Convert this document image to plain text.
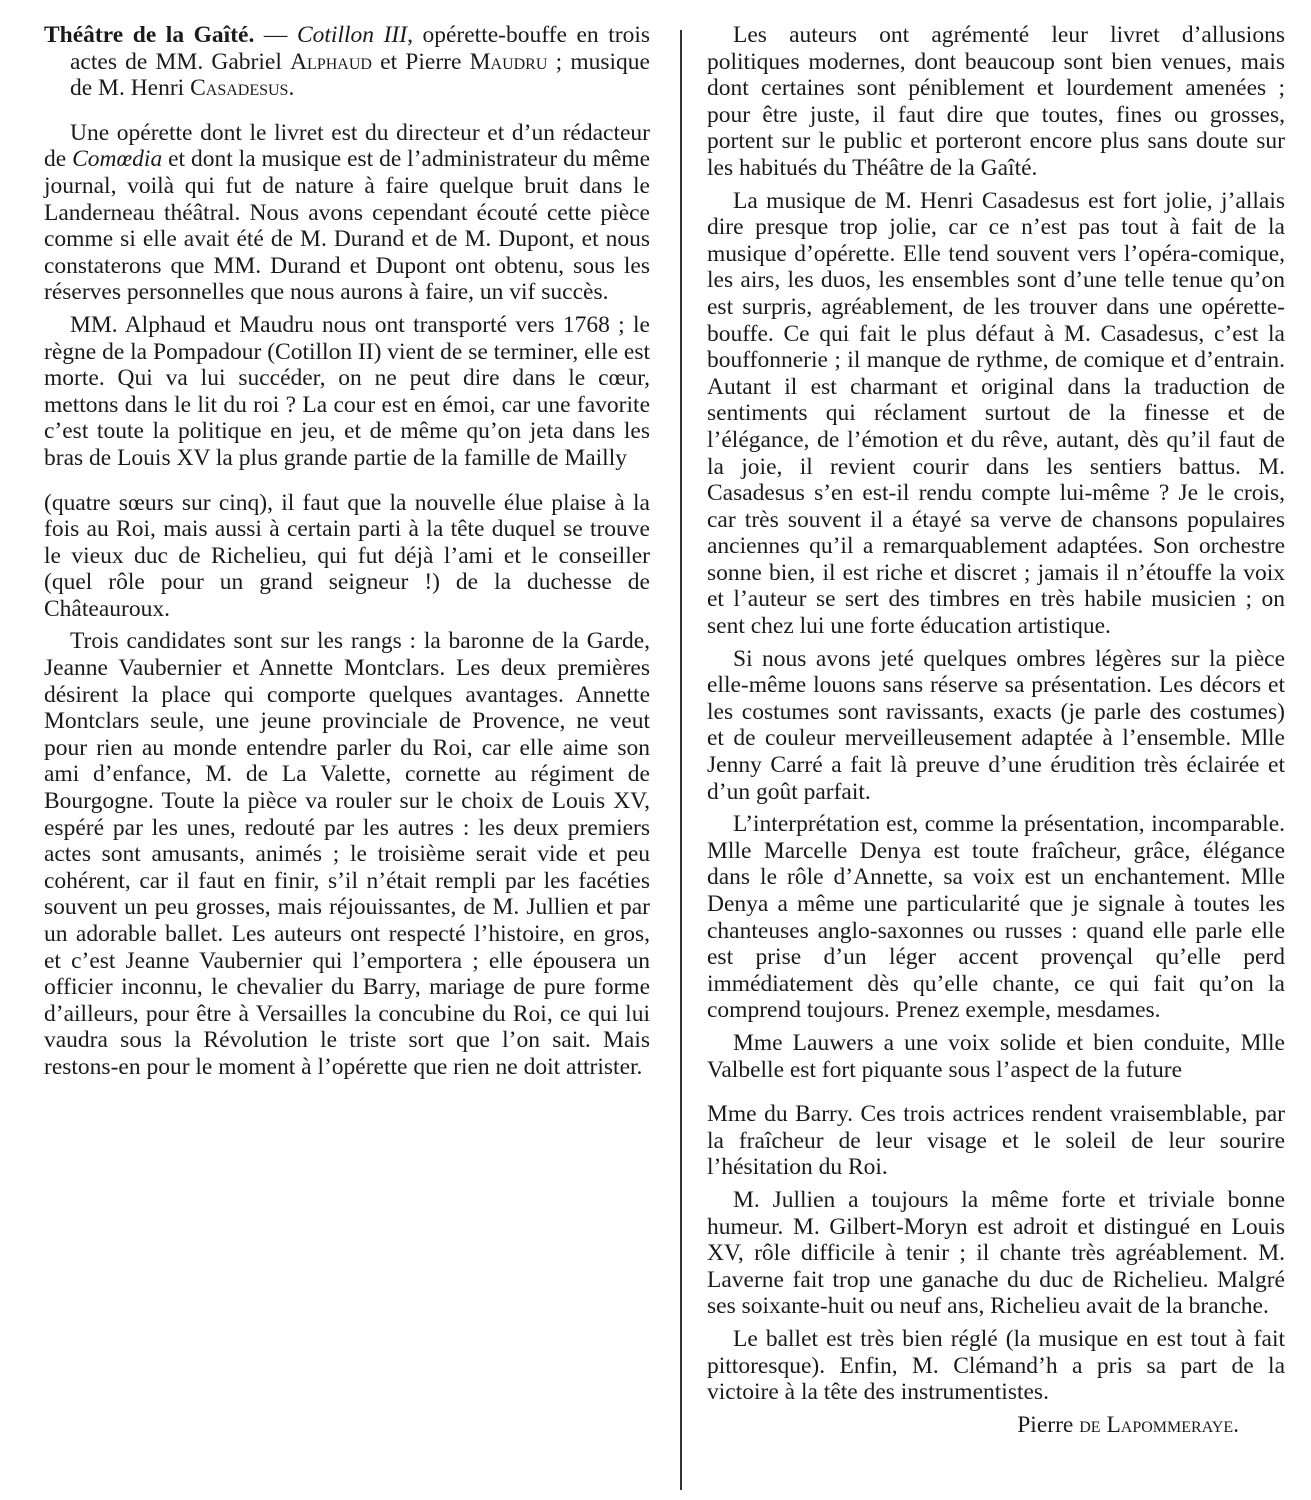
Théâtre de la Gaîté. — Cotillon III, opérette-bouffe en trois actes de MM. Gabriel Alphaud et Pierre Maudru ; musique de M. Henri Casadesus.

Une opérette dont le livret est du directeur et d’un rédacteur de Comœdia et dont la musique est de l’administrateur du même journal, voilà qui fut de nature à faire quelque bruit dans le Landerneau théâtral. Nous avons cependant écouté cette pièce comme si elle avait été de M. Durand et de M. Dupont, et nous constaterons que MM. Durand et Dupont ont obtenu, sous les réserves personnelles que nous aurons à faire, un vif succès.

MM. Alphaud et Maudru nous ont transporté vers 1768 ; le règne de la Pompadour (Cotillon II) vient de se terminer, elle est morte. Qui va lui succéder, on ne peut dire dans le cœur, mettons dans le lit du roi ? La cour est en émoi, car une favorite c’est toute la politique en jeu, et de même qu’on jeta dans les bras de Louis XV la plus grande partie de la famille de Mailly

(quatre sœurs sur cinq), il faut que la nouvelle élue plaise à la fois au Roi, mais aussi à certain parti à la tête duquel se trouve le vieux duc de Richelieu, qui fut déjà l’ami et le conseiller (quel rôle pour un grand seigneur !) de la duchesse de Châteauroux.

Trois candidates sont sur les rangs : la baronne de la Garde, Jeanne Vaubernier et Annette Montclars. Les deux premières désirent la place qui comporte quelques avantages. Annette Montclars seule, une jeune provinciale de Provence, ne veut pour rien au monde entendre parler du Roi, car elle aime son ami d’enfance, M. de La Valette, cornette au régiment de Bourgogne. Toute la pièce va rouler sur le choix de Louis XV, espéré par les unes, redouté par les autres : les deux premiers actes sont amusants, animés ; le troisième serait vide et peu cohérent, car il faut en finir, s’il n’était rempli par les facéties souvent un peu grosses, mais réjouissantes, de M. Jullien et par un adorable ballet. Les auteurs ont respecté l’histoire, en gros, et c’est Jeanne Vaubernier qui l’emportera ; elle épousera un officier inconnu, le chevalier du Barry, mariage de pure forme d’ailleurs, pour être à Versailles la concubine du Roi, ce qui lui vaudra sous la Révolution le triste sort que l’on sait. Mais restons-en pour le moment à l’opérette que rien ne doit attrister.

Les auteurs ont agrémenté leur livret d’allusions politiques modernes, dont beaucoup sont bien venues, mais dont certaines sont péniblement et lourdement amenées ; pour être juste, il faut dire que toutes, fines ou grosses, portent sur le public et porteront encore plus sans doute sur les habitués du Théâtre de la Gaîté.

La musique de M. Henri Casadesus est fort jolie, j’allais dire presque trop jolie, car ce n’est pas tout à fait de la musique d’opérette. Elle tend souvent vers l’opéra-comique, les airs, les duos, les ensembles sont d’une telle tenue qu’on est surpris, agréablement, de les trouver dans une opérette-bouffe. Ce qui fait le plus défaut à M. Casadesus, c’est la bouffonnerie ; il manque de rythme, de comique et d’entrain. Autant il est charmant et original dans la traduction de sentiments qui réclament surtout de la finesse et de l’élégance, de l’émotion et du rêve, autant, dès qu’il faut de la joie, il revient courir dans les sentiers battus. M. Casadesus s’en est-il rendu compte lui-même ? Je le crois, car très souvent il a étayé sa verve de chansons populaires anciennes qu’il a remarquablement adaptées. Son orchestre sonne bien, il est riche et discret ; jamais il n’étouffe la voix et l’auteur se sert des timbres en très habile musicien ; on sent chez lui une forte éducation artistique.

Si nous avons jeté quelques ombres légères sur la pièce elle-même louons sans réserve sa présentation. Les décors et les costumes sont ravissants, exacts (je parle des costumes) et de couleur merveilleusement adaptée à l’ensemble. Mlle Jenny Carré a fait là preuve d’une érudition très éclairée et d’un goût parfait.

L’interprétation est, comme la présentation, incomparable. Mlle Marcelle Denya est toute fraîcheur, grâce, élégance dans le rôle d’Annette, sa voix est un enchantement. Mlle Denya a même une particularité que je signale à toutes les chanteuses anglo-saxonnes ou russes : quand elle parle elle est prise d’un léger accent provençal qu’elle perd immédiatement dès qu’elle chante, ce qui fait qu’on la comprend toujours. Prenez exemple, mesdames.

Mme Lauwers a une voix solide et bien conduite, Mlle Valbelle est fort piquante sous l’aspect de la future

Mme du Barry. Ces trois actrices rendent vraisemblable, par la fraîcheur de leur visage et le soleil de leur sourire l’hésitation du Roi.

M. Jullien a toujours la même forte et triviale bonne humeur. M. Gilbert-Moryn est adroit et distingué en Louis XV, rôle difficile à tenir ; il chante très agréablement. M. Laverne fait trop une ganache du duc de Richelieu. Malgré ses soixante-huit ou neuf ans, Richelieu avait de la branche.

Le ballet est très bien réglé (la musique en est tout à fait pittoresque). Enfin, M. Clémand’h a pris sa part de la victoire à la tête des instrumentistes.

Pierre de Lapommeraye.
